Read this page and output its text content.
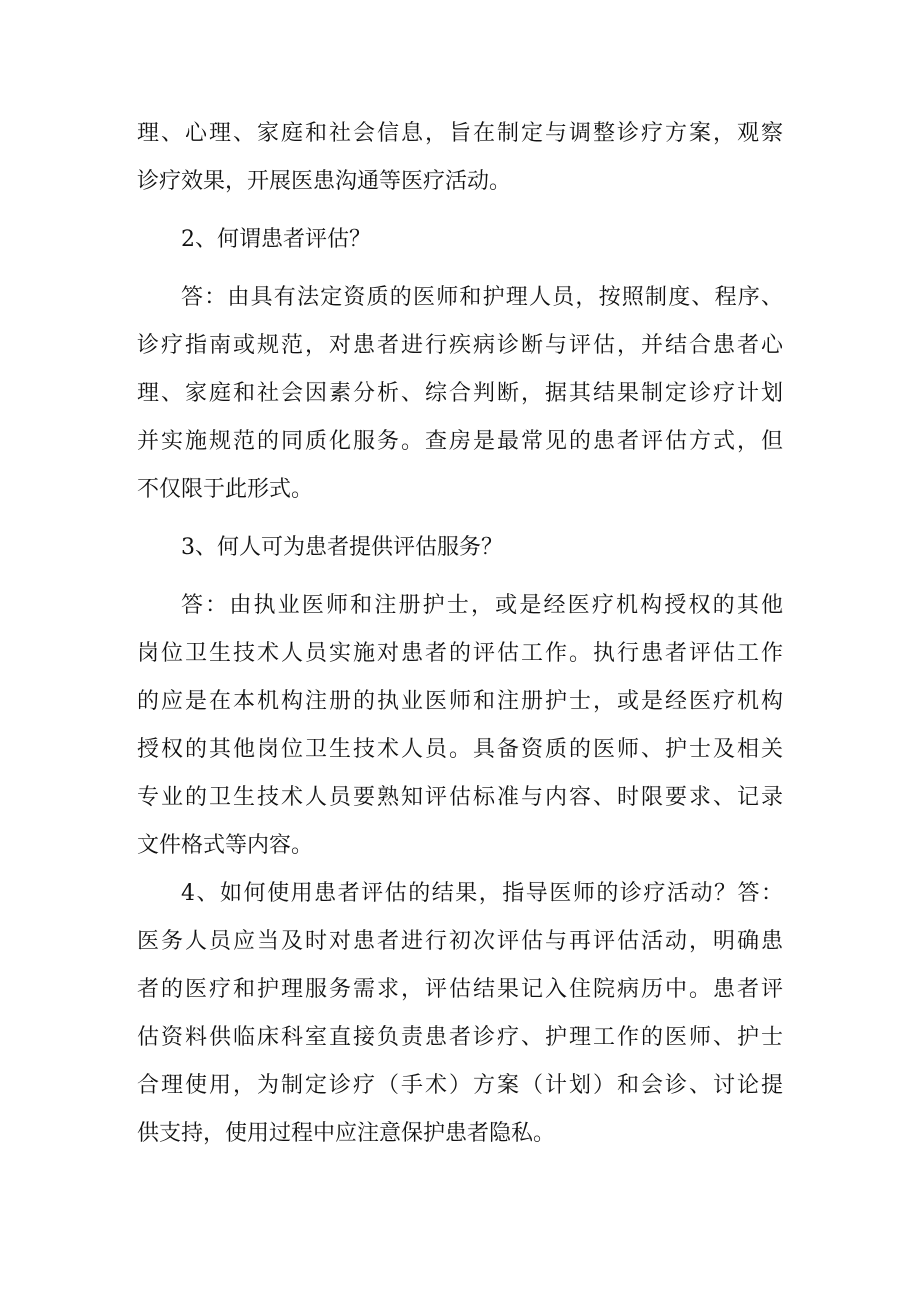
理、心理、家庭和社会信息，旨在制定与调整诊疗方案，观察
诊疗效果，开展医患沟通等医疗活动。
2、何谓患者评估？
答：由具有法定资质的医师和护理人员，按照制度、程序、
诊疗指南或规范，对患者进行疾病诊断与评估，并结合患者心
理、家庭和社会因素分析、综合判断，据其结果制定诊疗计划
并实施规范的同质化服务。查房是最常见的患者评估方式，但
不仅限于此形式。
3、何人可为患者提供评估服务？
答：由执业医师和注册护士，或是经医疗机构授权的其他
岗位卫生技术人员实施对患者的评估工作。执行患者评估工作
的应是在本机构注册的执业医师和注册护士，或是经医疗机构
授权的其他岗位卫生技术人员。具备资质的医师、护士及相关
专业的卫生技术人员要熟知评估标准与内容、时限要求、记录
文件格式等内容。
4、如何使用患者评估的结果，指导医师的诊疗活动？答：
医务人员应当及时对患者进行初次评估与再评估活动，明确患
者的医疗和护理服务需求，评估结果记入住院病历中。患者评
估资料供临床科室直接负责患者诊疗、护理工作的医师、护士
合理使用，为制定诊疗（手术）方案（计划）和会诊、讨论提
供支持，使用过程中应注意保护患者隐私。
